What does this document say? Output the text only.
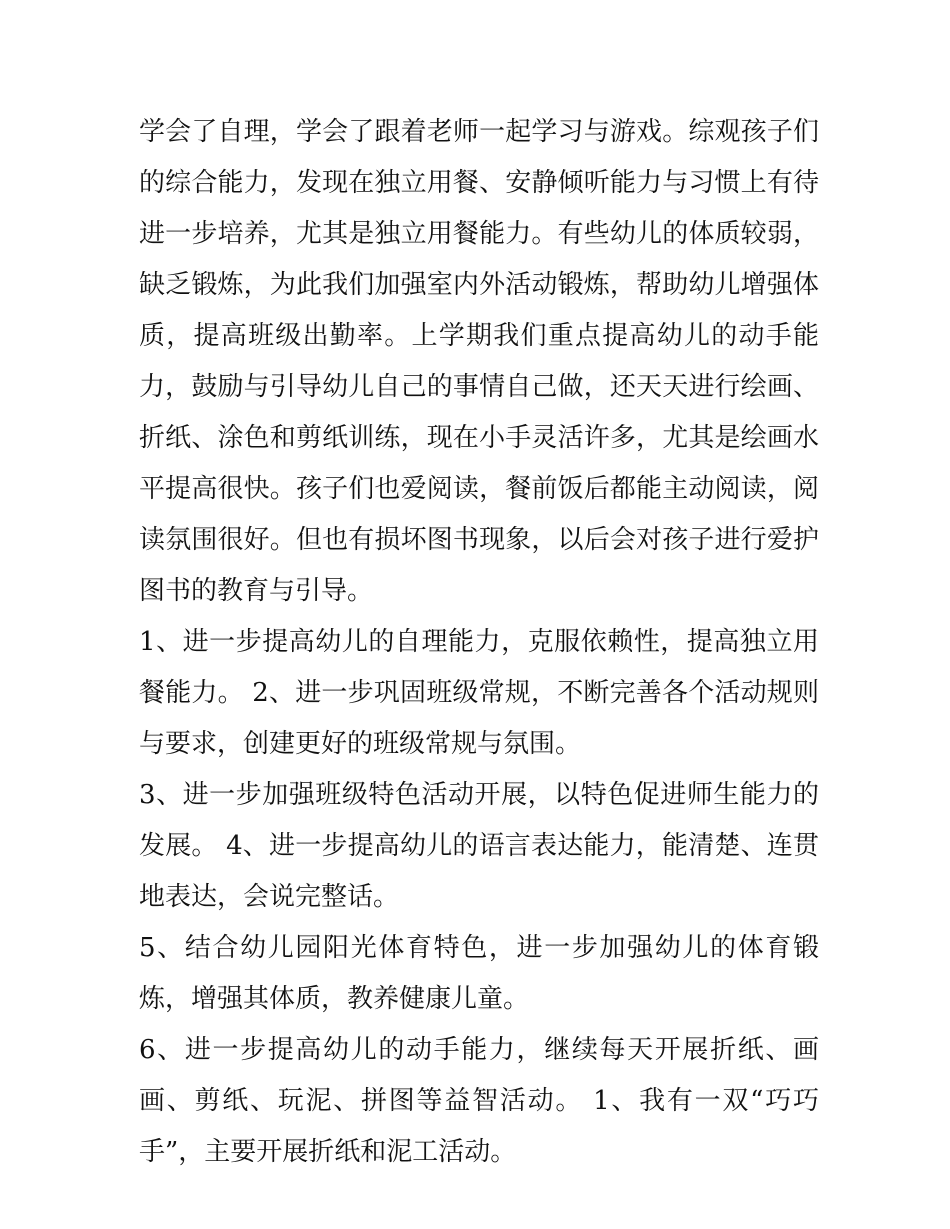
学会了自理，学会了跟着老师一起学习与游戏。综观孩子们的综合能力，发现在独立用餐、安静倾听能力与习惯上有待进一步培养，尤其是独立用餐能力。有些幼儿的体质较弱，缺乏锻炼，为此我们加强室内外活动锻炼，帮助幼儿增强体质，提高班级出勤率。上学期我们重点提高幼儿的动手能力，鼓励与引导幼儿自己的事情自己做，还天天进行绘画、折纸、涂色和剪纸训练，现在小手灵活许多，尤其是绘画水平提高很快。孩子们也爱阅读，餐前饭后都能主动阅读，阅读氛围很好。但也有损坏图书现象，以后会对孩子进行爱护图书的教育与引导。

1、进一步提高幼儿的自理能力，克服依赖性，提高独立用餐能力。 2、进一步巩固班级常规，不断完善各个活动规则与要求，创建更好的班级常规与氛围。

3、进一步加强班级特色活动开展，以特色促进师生能力的发展。 4、进一步提高幼儿的语言表达能力，能清楚、连贯地表达，会说完整话。

5、结合幼儿园阳光体育特色，进一步加强幼儿的体育锻炼，增强其体质，教养健康儿童。

6、进一步提高幼儿的动手能力，继续每天开展折纸、画画、剪纸、玩泥、拼图等益智活动。 1、我有一双“巧巧手”，主要开展折纸和泥工活动。
